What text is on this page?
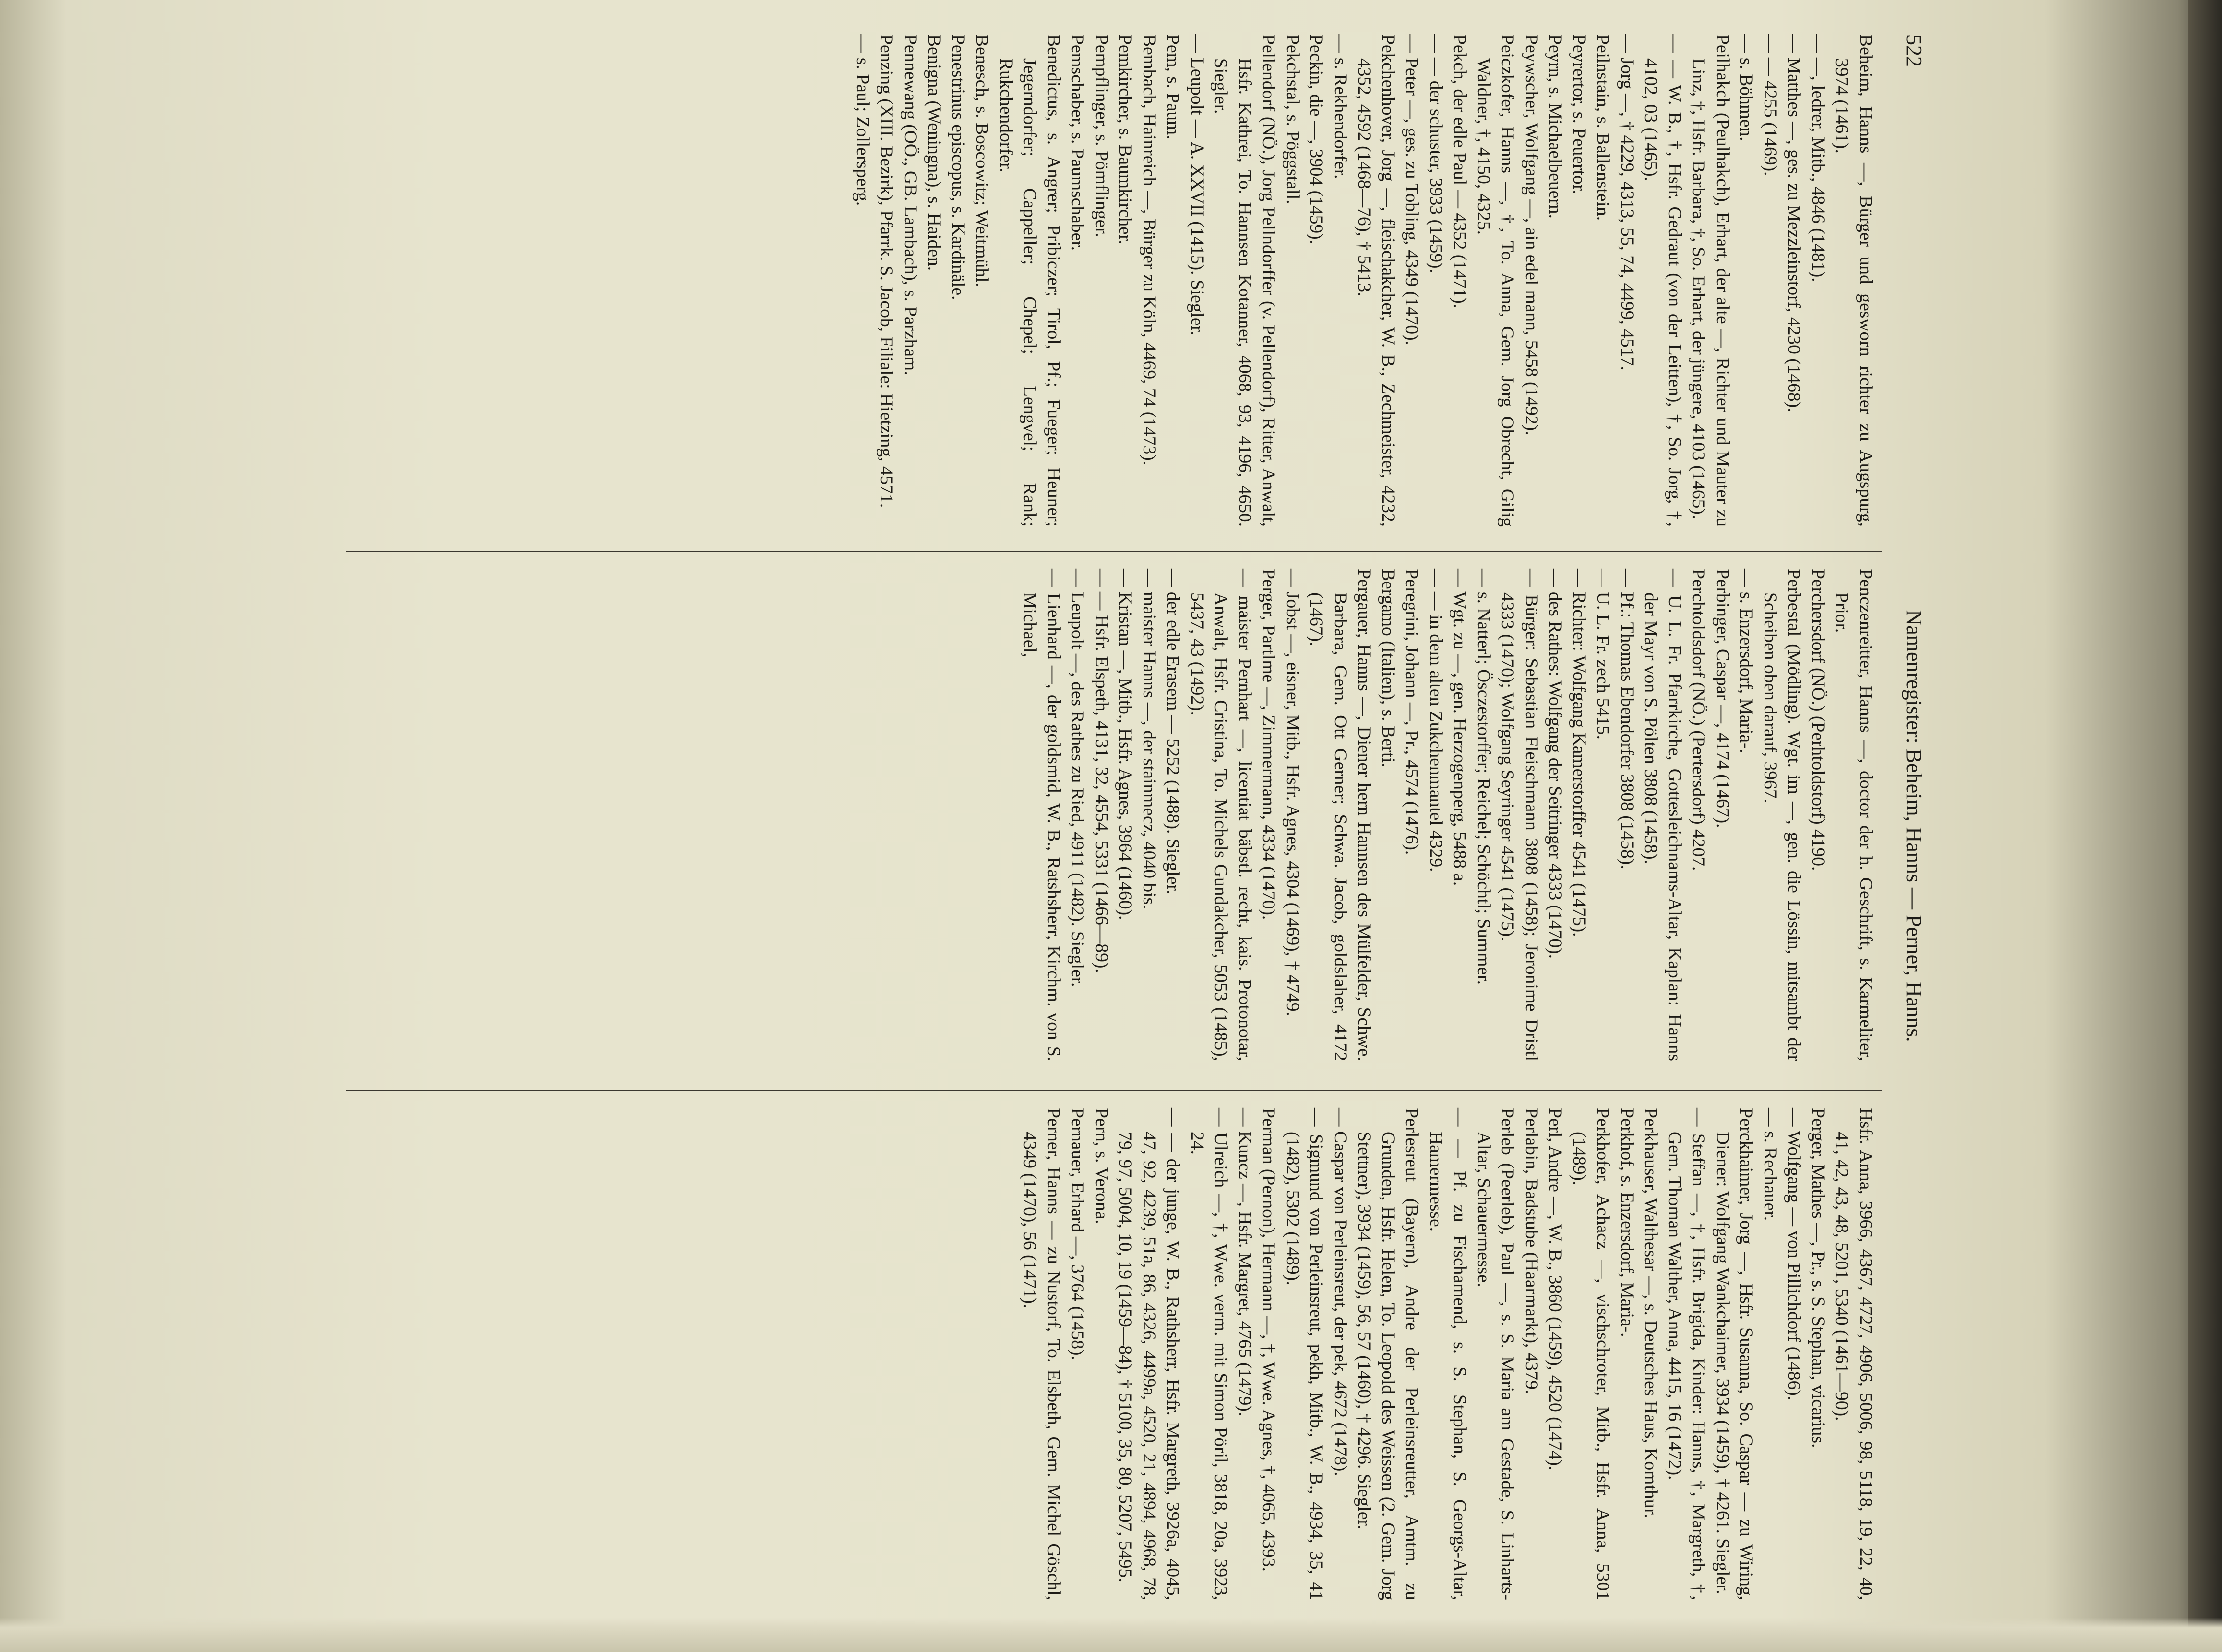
522
Namenregister: Beheim, Hanns — Perner, Hanns.

Beheim, Hanns —, Bürger und gesworn richter zu Augspurg, 3974 (1461).

— —, ledrer, Mitb., 4846 (1481).

— Matthes —, ges. zu Mezzleinstorf, 4230 (1468).

— — 4255 (1469).

— s. Böhmen.

Peilhakch (Peulhakch), Erhart, der alte —, Richter und Mauter zu Linz, †, Hsfr. Barbara, †, So. Erhart, der jüngere, 4103 (1465).

— — W. B., †, Hsfr. Gedraut (von der Leitten), †, So. Jorg, †, 4102, 03 (1465).

— Jorg —, † 4229, 4313, 55, 74, 4499, 4517.

Peilnstain, s. Ballenstein.

Peyrertor, s. Peuertor.

Peyrn, s. Michaelbeuern.

Peywscher, Wolfgang —, ain edel mann, 5458 (1492).

Peiczkofer, Hanns —, †, To. Anna, Gem. Jorg Obrecht, Gilig Waldner, †, 4150, 4325.

Pekch, der edle Paul — 4352 (1471).

— — der schuster, 3933 (1459).

— Peter —, ges. zu Tobling, 4349 (1470).

Pekchenhover, Jorg —, fleischakcher, W. B., Zechmeister, 4232, 4352, 4592 (1468—76), † 5413.

— s. Rekhendorfer.

Peckin, die —, 3904 (1459).

Pekchstal, s. Pöggstall.

Pellendorf (NÖ.), Jorg Pellndorffer (v. Pellendorf), Ritter, Anwalt, Hsfr. Kathrei, To. Hannsen Kotanner, 4068, 93, 4196, 4650. Siegler.

— Leupolt — A. XXVII (1415). Siegler.

Pem, s. Paum.

Bembach, Hainreich —, Bürger zu Köln, 4469, 74 (1473).

Pemkircher, s. Baumkircher.

Pempflinger, s. Pömflinger.

Pemschaber, s. Paumschaber.

Benedictus, s. Angrer; Pribiczer; Tirol, Pf.; Fueger; Heuner; Jegerndorfer; Cappeller; Chepel; Lengvel; Rank; Rukchendorfer.

Benesch, s. Boscowitz; Weitmühl.

Penestrinus episcopus, s. Kardinäle.

Benigna (Weningna), s. Haiden.

Pennewang (OÖ., GB. Lambach), s. Parzham.

Penzing (XIII. Bezirk), Pfarrk. S. Jacob, Filiale: Hietzing, 4571.

— s. Paul; Zollersperg.

Penczenreitter, Hanns —, doctor der h. Geschrift, s. Karmeliter, Prior.

Perchersdorf (NÖ.) (Perhtoldstorf) 4190.

Perbestal (Mödling). Wgt. im —, gen. die Lössin, mitsambt der Scheiben oben darauf, 3967.

— s. Enzersdorf, Maria-.

Perbinger, Caspar —, 4174 (1467).

Perchtoldsdorf (NÖ.) (Pertersdorf) 4207.

— U. L. Fr. Pfarrkirche, Gottesleichnams-Altar, Kaplan: Hanns der Mayr von S. Pölten 3808 (1458).

— Pf.: Thomas Ebendorfer 3808 (1458).

— U. L. Fr. zech 5415.

— Richter: Wolfgang Kamerstorffer 4541 (1475).

— des Rathes: Wolfgang der Seitringer 4333 (1470).

— Bürger: Sebastian Fleischmann 3808 (1458); Jeronime Dristl 4333 (1470); Wolfgang Seyringer 4541 (1475).

— s. Natterl; Ösczestorffer; Reichel; Schöchtl; Summer.

— Wgt. zu —, gen. Herzogenperg, 5488 a.

— — in dem alten Zukchenmantel 4329.

Peregrini, Johann —, Pr., 4574 (1476).

Bergamo (Italien), s. Berti.

Pergauer, Hanns —, Diener hern Hannsen des Mülfelder, Schwe. Barbara, Gem. Ott Gerner; Schwa. Jacob, goldslaher, 4172 (1467).

— Jobst —, eisner, Mitb., Hsfr. Agnes, 4304 (1469), † 4749.

Perger, Partlme —, Zimmermann, 4334 (1470).

— maister Pernhart —, licentiat bäbstl. recht, kais. Protonotar, Anwalt, Hsfr. Cristina, To. Michels Gundakcher, 5053 (1485), 5437, 43 (1492).

— der edle Erasem — 5252 (1488). Siegler.

— maister Hanns —, der stainmecz, 4040 bis.

— Kristan —, Mitb., Hsfr. Agnes, 3964 (1460).

— — Hsfr. Elspeth, 4131, 32, 4554, 5331 (1466—89).

— Leupolt —, des Rathes zu Ried, 4911 (1482). Siegler.

— Lienhard —, der goldsmid, W. B., Ratshsherr, Kirchm. von S. Michael,

Hsfr. Anna, 3966, 4367, 4727, 4906, 5006, 98, 5118, 19, 22, 40, 41, 42, 43, 48, 5201, 5340 (1461—90).

Perger, Mathes —, Pr., s. S. Stephan, vicarius.

— Wolfgang — von Pillichdorf (1486).

— s. Rechauer.

Perckhaimer, Jorg —, Hsfr. Susanna, So. Caspar — zu Wiring, Diener: Wolfgang Wankchaimer, 3934 (1459), † 4261. Siegler.

— Steffan —, †, Hsfr. Brigida, Kinder: Hanns, †, Margreth, †, Gem. Thoman Walther, Anna, 4415, 16 (1472).

Perkhauser, Walthesar —, s. Deutsches Haus, Komthur.

Perkhof, s. Enzersdorf, Maria-.

Perkhofer, Achacz —, vischschroter, Mitb., Hsfr. Anna, 5301 (1489).

Perl, Andre —, W. B., 3860 (1459), 4520 (1474).

Perlabin, Badstube (Haarmarkt), 4379.

Perleb (Peerleb), Paul —, s. S. Maria am Gestade, S. Linharts-Altar, Schauermesse.

— — Pf. zu Fischamend, s. S. Stephan, S. Georgs-Altar, Hamermesse.

Perlesreut (Bayern), Andre der Perleinsreutter, Amtm. zu Grunden, Hsfr. Helen, To. Leopold des Weissen (2. Gem. Jorg Stettner), 3934 (1459), 56, 57 (1460), † 4296. Siegler.

— Caspar von Perleinsreut, der pek, 4672 (1478).

— Sigmund von Perleinsreut, pekh, Mitb., W. B., 4934, 35, 41 (1482), 5302 (1489).

Perman (Pernon), Hermann —, †, Wwe. Agnes, †, 4065, 4393.

— Kuncz —, Hsfr. Margret, 4765 (1479).

— Ulreich —, †, Wwe. verm. mit Simon Pöril, 3818, 20a, 3923, 24.

— — der junge, W. B., Rathsherr, Hsfr. Margreth, 3926a, 4045, 47, 92, 4239, 51a, 86, 4326, 4499a, 4520, 21, 4894, 4968, 78, 79, 97, 5004, 10, 19 (1459—84), † 5100, 35, 80, 5207, 5495.

Pern, s. Verona.

Pernauer, Erhard —, 3764 (1458).

Perner, Hanns — zu Nustorf, To. Elsbeth, Gem. Michel Göschl, 4349 (1470), 56 (1471).
